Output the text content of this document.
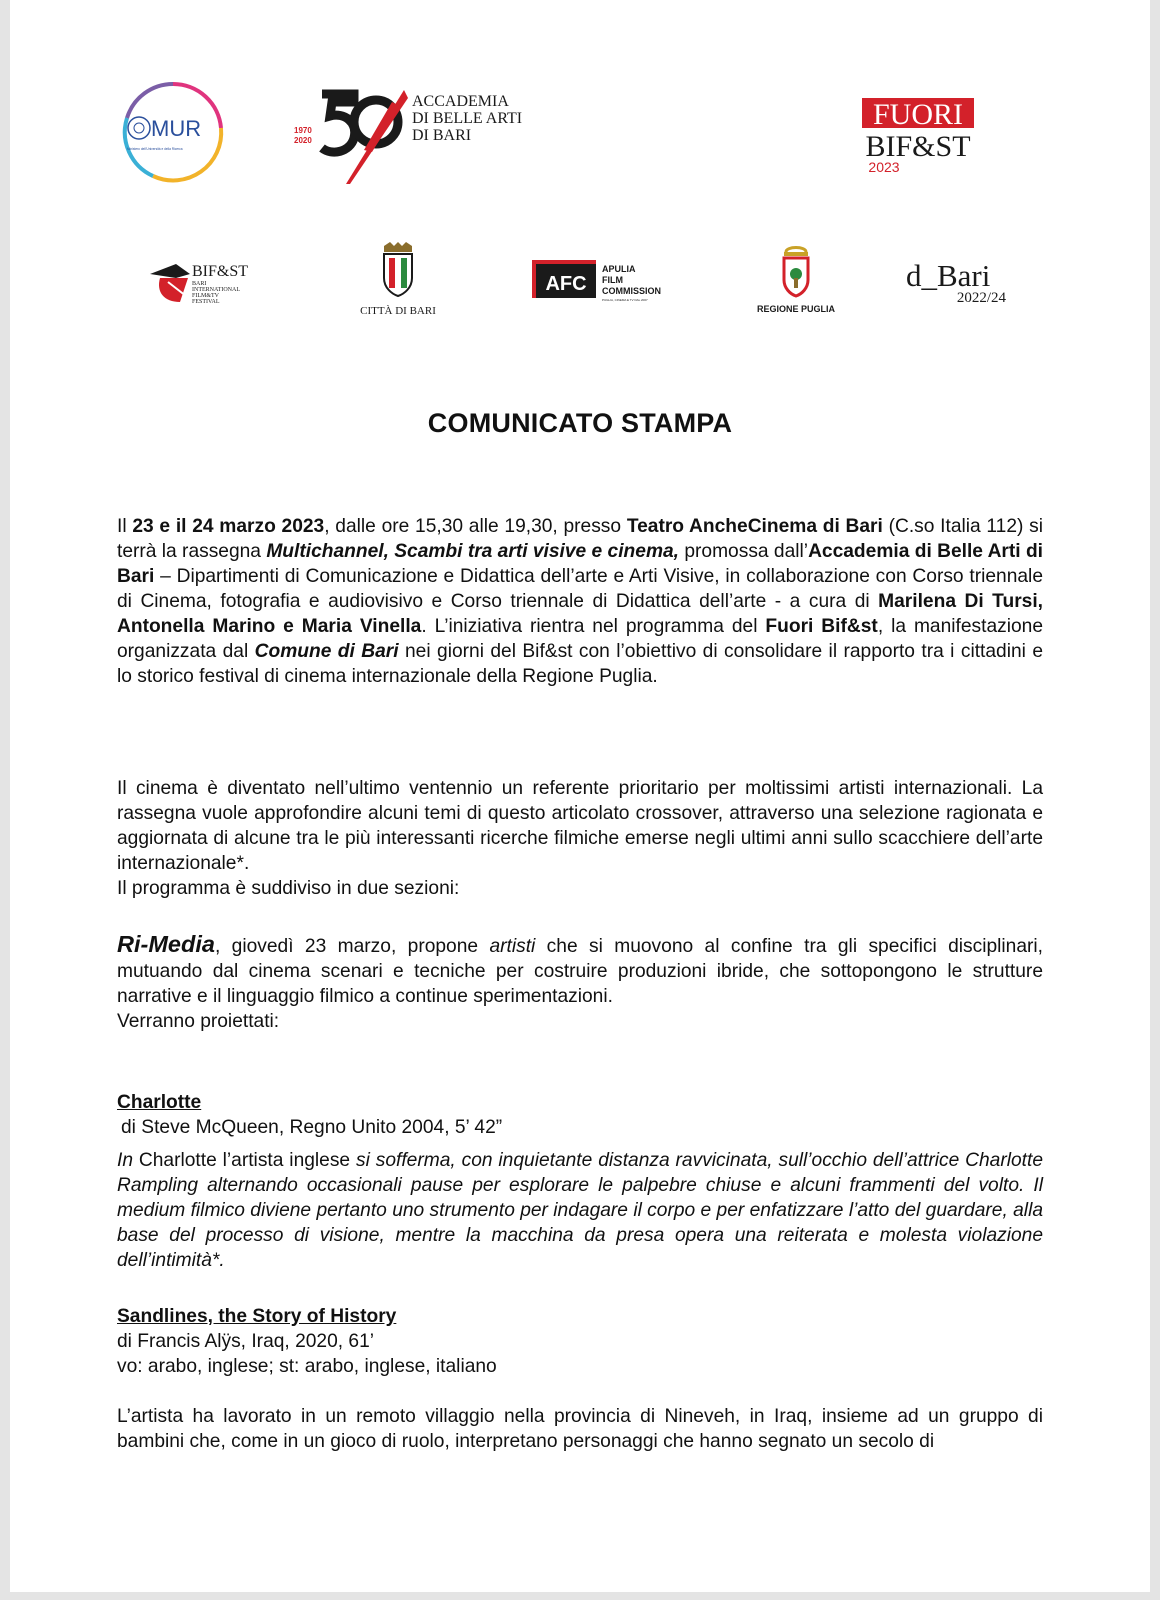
MUR
Ministero dell'Università e della Ricerca
1970
2020
ACCADEMIA
DI BELLE ARTI
DI BARI
FUORI
BIF&ST
2023
BIF&ST
BARI
INTERNATIONAL
FILM&TV
FESTIVAL
CITTÀ DI BARI
AFC
APULIA
FILM
COMMISSION
PUGLIA, CINEMA E TV DAL 2007
REGIONE PUGLIA
d_Bari
2022/24
COMUNICATO STAMPA

Il 23 e il 24 marzo 2023, dalle ore 15,30 alle 19,30, presso Teatro AncheCinema di Bari (C.so Italia 112) si terrà la rassegna Multichannel, Scambi tra arti visive e cinema, promossa dall’Accademia di Belle Arti di Bari – Dipartimenti di Comunicazione e Didattica dell’arte e Arti Visive, in collaborazione con Corso triennale di Cinema, fotografia e audiovisivo e Corso triennale di Didattica dell’arte - a cura di Marilena Di Tursi, Antonella Marino e Maria Vinella. L’iniziativa rientra nel programma del Fuori Bif&st, la manifestazione organizzata dal Comune di Bari nei giorni del Bif&st con l’obiettivo di consolidare il rapporto tra i cittadini e lo storico festival di cinema internazionale della Regione Puglia.

Il cinema è diventato nell’ultimo ventennio un referente prioritario per moltissimi artisti internazionali. La rassegna vuole approfondire alcuni temi di questo articolato crossover, attraverso una selezione ragionata e aggiornata di alcune tra le più interessanti ricerche filmiche emerse negli ultimi anni sullo scacchiere dell’arte internazionale*.

Il programma è suddiviso in due sezioni:

Ri-Media, giovedì 23 marzo, propone artisti che si muovono al confine tra gli specifici disciplinari, mutuando dal cinema scenari e tecniche per costruire produzioni ibride, che sottopongono le strutture narrative e il linguaggio filmico a continue sperimentazioni.

Verranno proiettati:

Charlotte

di Steve McQueen, Regno Unito 2004, 5’ 42”

In Charlotte l’artista inglese si sofferma, con inquietante distanza ravvicinata, sull’occhio dell’attrice Charlotte Rampling alternando occasionali pause per esplorare le palpebre chiuse e alcuni frammenti del volto. Il medium filmico diviene pertanto uno strumento per indagare il corpo e per enfatizzare l’atto del guardare, alla base del processo di visione, mentre la macchina da presa opera una reiterata e molesta violazione dell’intimità*.

Sandlines, the Story of History

di Francis Alÿs, Iraq, 2020, 61’

vo: arabo, inglese; st: arabo, inglese, italiano

L’artista ha lavorato in un remoto villaggio nella provincia di Nineveh, in Iraq, insieme ad un gruppo di bambini che, come in un gioco di ruolo, interpretano personaggi che hanno segnato un secolo di
